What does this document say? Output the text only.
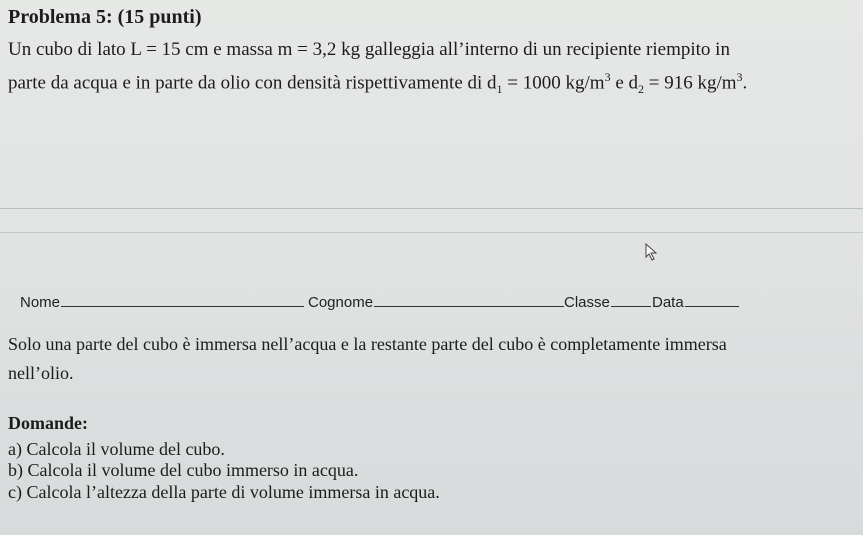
Problema 5: (15 punti)
Un cubo di lato L = 15 cm e massa m = 3,2 kg galleggia all’interno di un recipiente riempito in
parte da acqua e in parte da olio con densità rispettivamente di $d_1 = 1000$ $kg/m^3$ e $d_2 = 916$ $kg/m^3$.
Nome	Cognome	Classe	Data
Solo una parte del cubo è immersa nell’acqua e la restante parte del cubo è completamente immersa
nell’olio.
Domande:
a) Calcola il volume del cubo.
b) Calcola il volume del cubo immerso in acqua.
c) Calcola l’altezza della parte di volume immersa in acqua.
